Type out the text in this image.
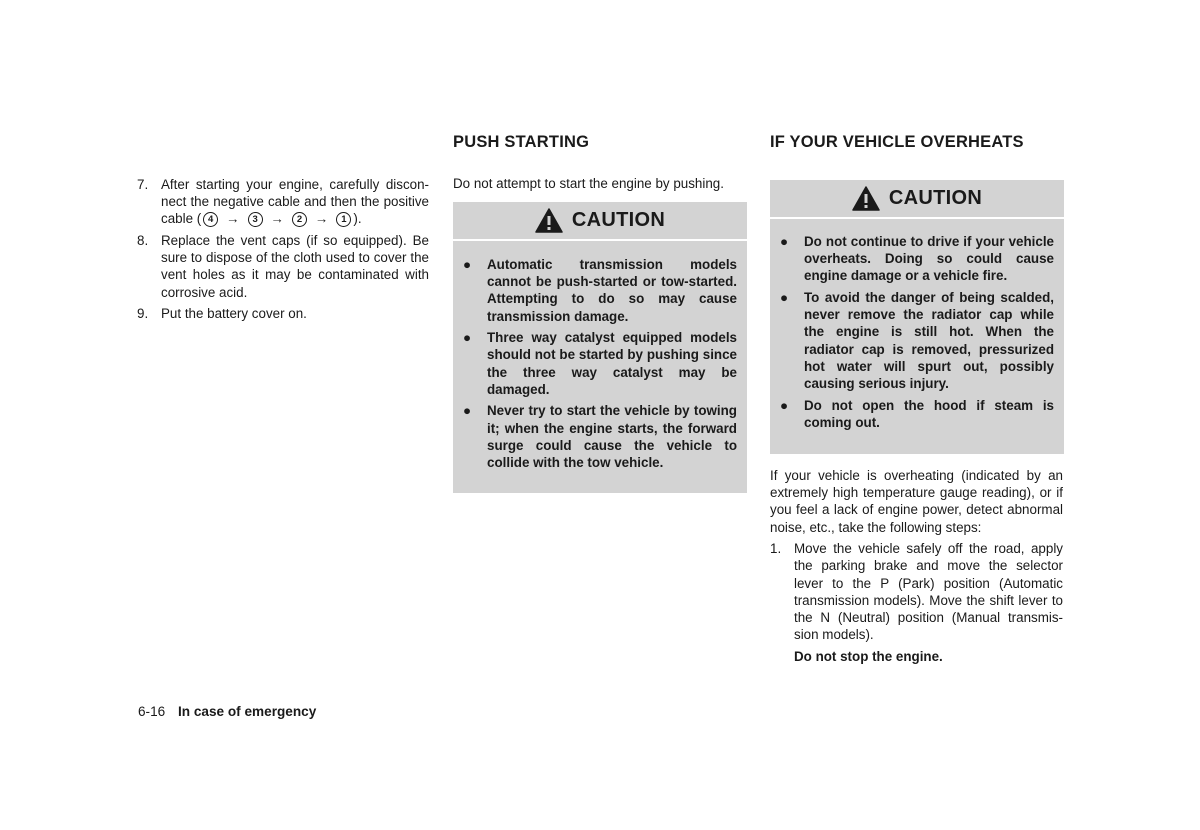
7. After starting your engine, carefully discon-nect the negative cable and then the positive cable ( 4 → 3 → 2 → 1 ).
8. Replace the vent caps (if so equipped). Be sure to dispose of the cloth used to cover the vent holes as it may be contaminated with corrosive acid.
9. Put the battery cover on.
PUSH STARTING

Do not attempt to start the engine by pushing.

CAUTION
● Automatic transmission models cannot be push-started or tow-started. Attempting to do so may cause transmission damage.
● Three way catalyst equipped models should not be started by pushing since the three way catalyst may be damaged.
● Never try to start the vehicle by towing it; when the engine starts, the forward surge could cause the vehicle to collide with the tow vehicle.
IF YOUR VEHICLE OVERHEATS
CAUTION
● Do not continue to drive if your vehicle overheats. Doing so could cause engine damage or a vehicle fire.
● To avoid the danger of being scalded, never remove the radiator cap while the engine is still hot. When the radiator cap is removed, pressurized hot water will spurt out, possibly causing serious injury.
● Do not open the hood if steam is coming out.

If your vehicle is overheating (indicated by an extremely high temperature gauge reading), or if you feel a lack of engine power, detect abnormal noise, etc., take the following steps:

1. Move the vehicle safely off the road, apply the parking brake and move the selector lever to the P (Park) position (Automatic transmission models). Move the shift lever to the N (Neutral) position (Manual transmis-sion models).

Do not stop the engine.

6-16 In case of emergency
